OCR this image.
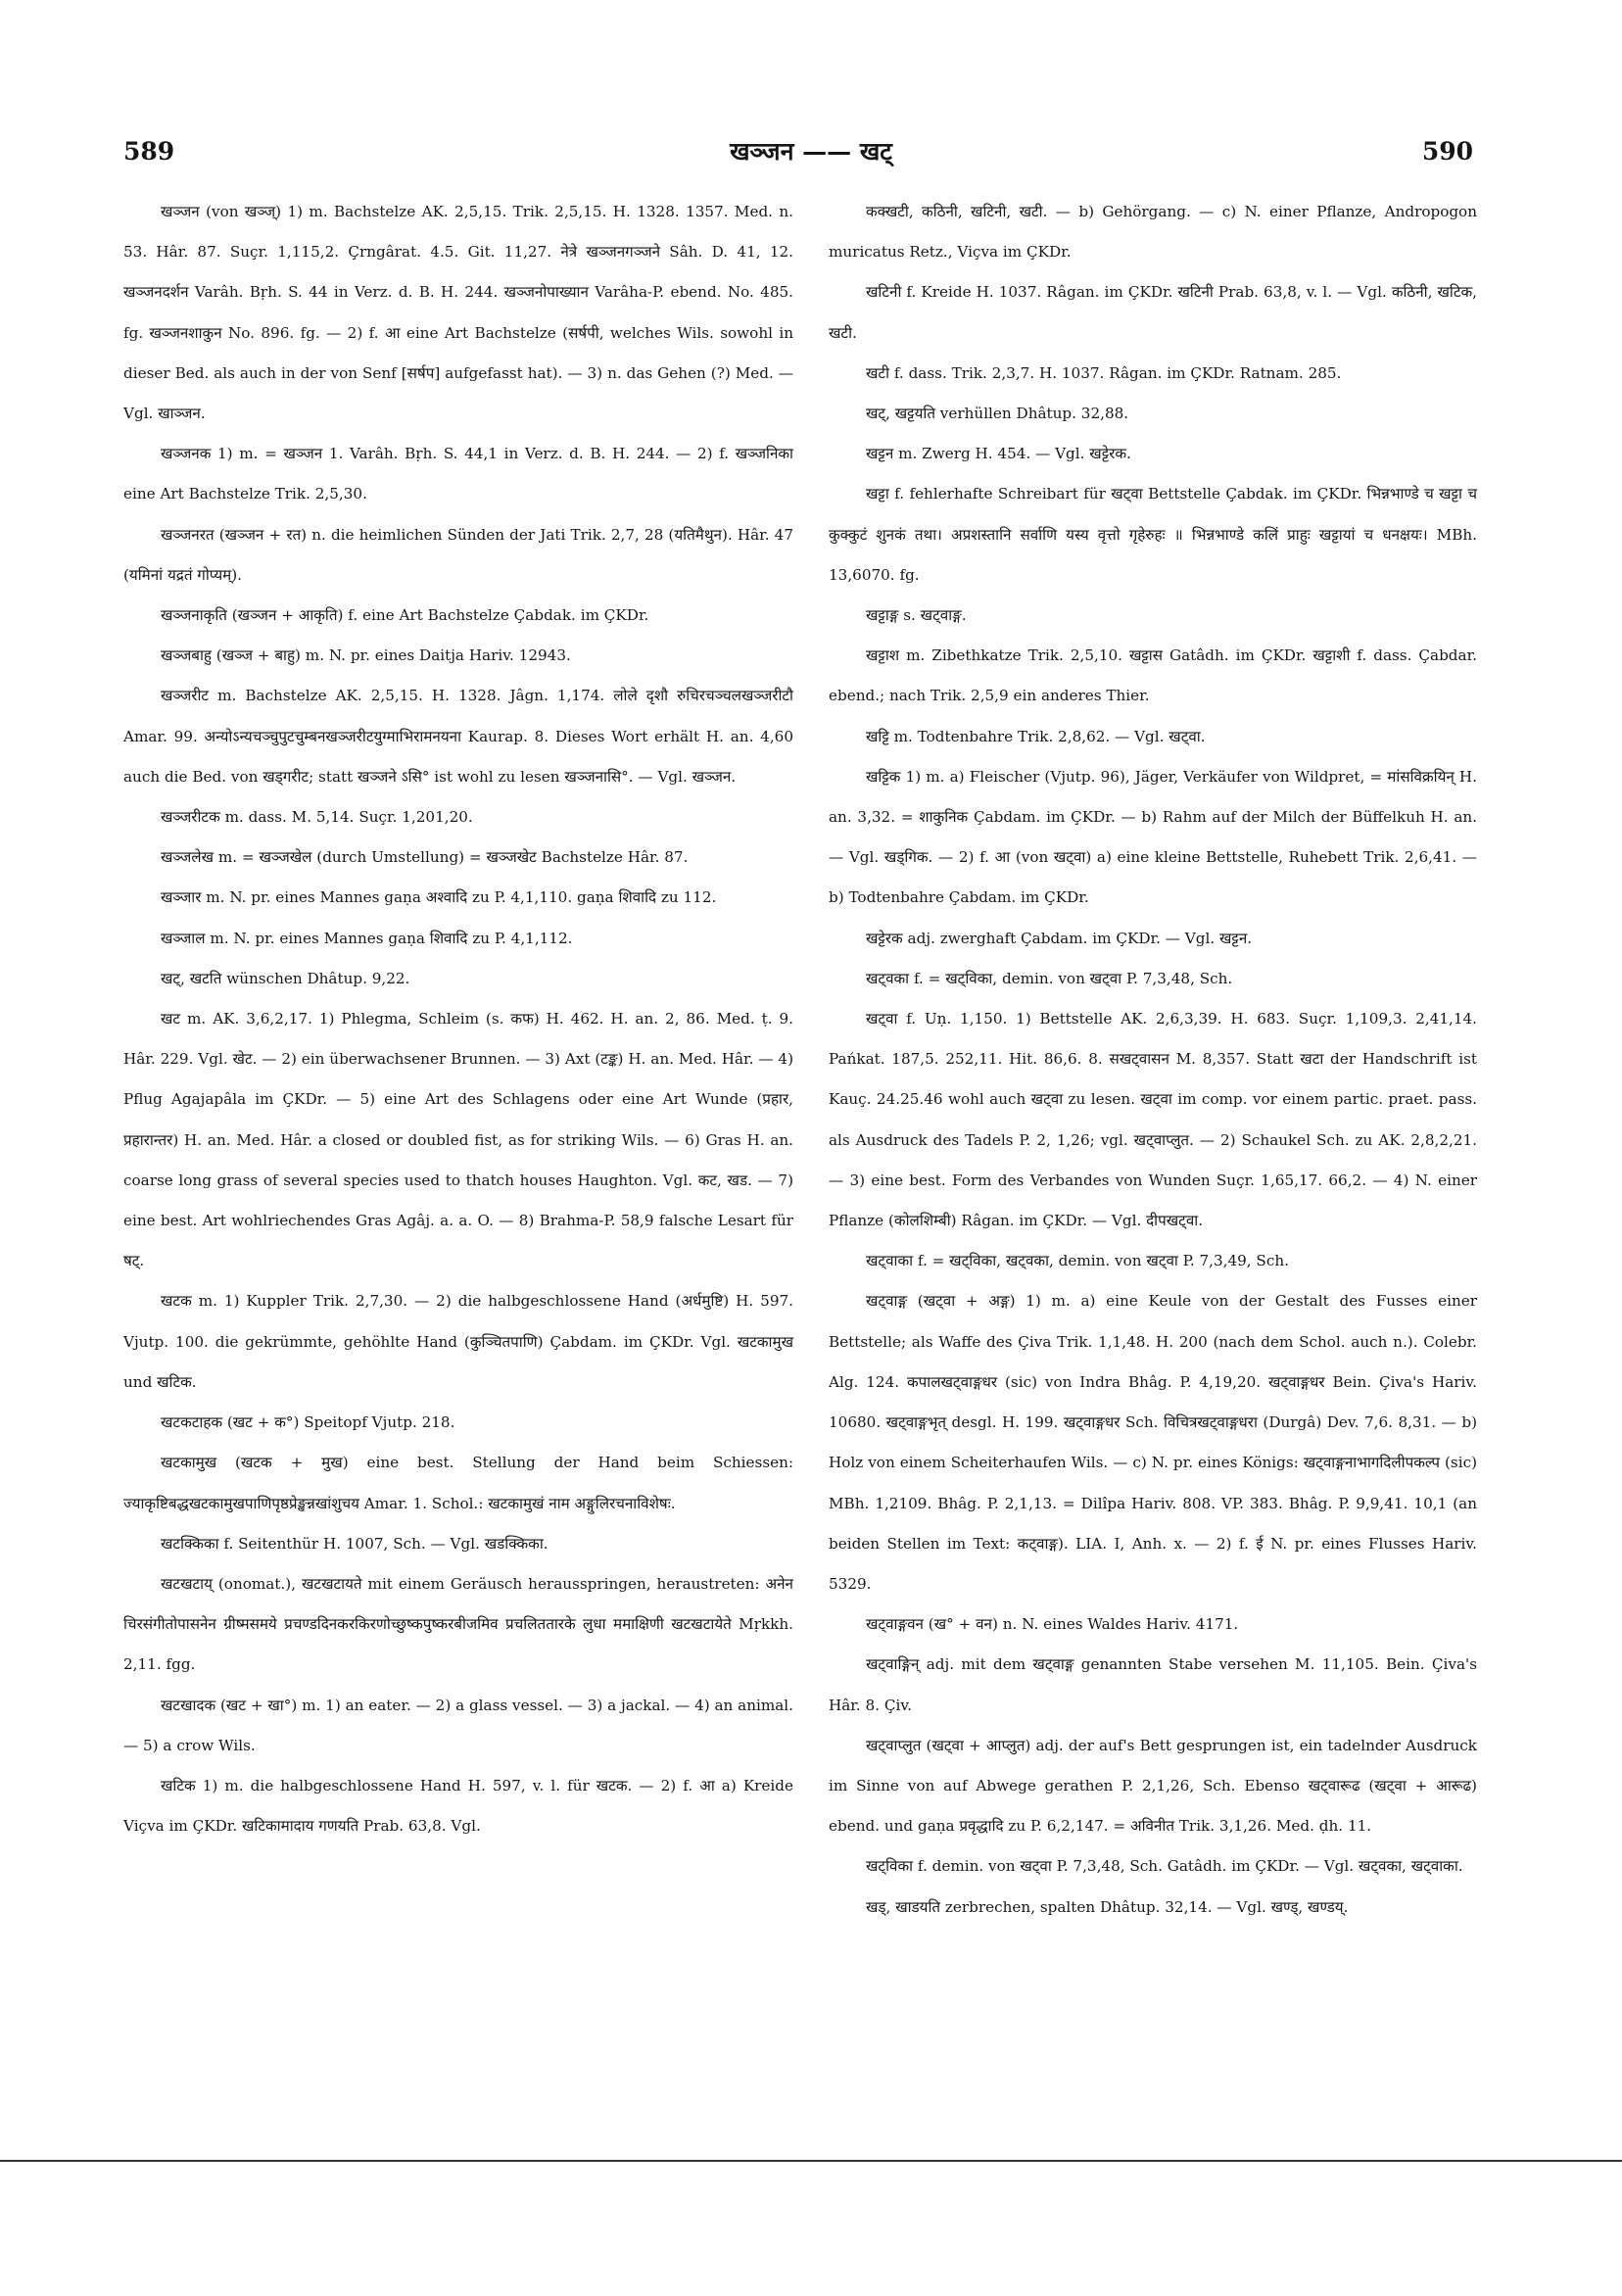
589	खञ्जन —— खट्	590

खञ्जन (von खञ्ज्) 1) m. Bachstelze AK. 2,5,15. Trik. 2,5,15. H. 1328. 1357. Med. n. 53. Hâr. 87. Suçr. 1,115,2. Çrngârat. 4.5. Git. 11,27. नेत्रे खञ्जनगञ्जने Sâh. D. 41, 12. खञ्जनदर्शन Varâh. Bṛh. S. 44 in Verz. d. B. H. 244. खञ्जनोपाख्यान Varâha-P. ebend. No. 485. fg. खञ्जनशाकुन No. 896. fg. — 2) f. आ eine Art Bachstelze (सर्षपी, welches Wils. sowohl in dieser Bed. als auch in der von Senf [सर्षप] aufgefasst hat). — 3) n. das Gehen (?) Med. — Vgl. खाञ्जन.

खञ्जनक 1) m. = खञ्जन 1. Varâh. Bṛh. S. 44,1 in Verz. d. B. H. 244. — 2) f. खञ्जनिका eine Art Bachstelze Trik. 2,5,30.

खञ्जनरत (खञ्जन + रत) n. die heimlichen Sünden der Jati Trik. 2,7, 28 (यतिमैथुन). Hâr. 47 (यमिनां यद्रतं गोप्यम्).

खञ्जनाकृति (खञ्जन + आकृति) f. eine Art Bachstelze Çabdak. im ÇKDr.

खञ्जबाहु (खञ्ज + बाहु) m. N. pr. eines Daitja Hariv. 12943.

खञ्जरीट m. Bachstelze AK. 2,5,15. H. 1328. Jâgn. 1,174. लोले दृशौ रुचिरचञ्चलखञ्जरीटौ Amar. 99. अन्योऽन्यचञ्चुपुटचुम्बनखञ्जरीटयुग्माभिरामनयना Kaurap. 8. Dieses Wort erhält H. an. 4,60 auch die Bed. von खड्गरीट; statt खञ्जने ऽसि° ist wohl zu lesen खञ्जनासि°. — Vgl. खञ्जन.

खञ्जरीटक m. dass. M. 5,14. Suçr. 1,201,20.

खञ्जलेख m. = खञ्जखेल (durch Umstellung) = खञ्जखेट Bachstelze Hâr. 87.

खञ्जार m. N. pr. eines Mannes gaṇa अश्वादि zu P. 4,1,110. gaṇa शिवादि zu 112.

खञ्जाल m. N. pr. eines Mannes gaṇa शिवादि zu P. 4,1,112.

खट्, खटति wünschen Dhâtup. 9,22.

खट m. AK. 3,6,2,17. 1) Phlegma, Schleim (s. कफ) H. 462. H. an. 2, 86. Med. ṭ. 9. Hâr. 229. Vgl. खेट. — 2) ein überwachsener Brunnen. — 3) Axt (टङ्क) H. an. Med. Hâr. — 4) Pflug Agajapâla im ÇKDr. — 5) eine Art des Schlagens oder eine Art Wunde (प्रहार, प्रहारान्तर) H. an. Med. Hâr. a closed or doubled fist, as for striking Wils. — 6) Gras H. an. coarse long grass of several species used to thatch houses Haughton. Vgl. कट, खड. — 7) eine best. Art wohlriechendes Gras Agâj. a. a. O. — 8) Brahma-P. 58,9 falsche Lesart für षट्.

खटक m. 1) Kuppler Trik. 2,7,30. — 2) die halbgeschlossene Hand (अर्धमुष्टि) H. 597. Vjutp. 100. die gekrümmte, gehöhlte Hand (कुञ्चितपाणि) Çabdam. im ÇKDr. Vgl. खटकामुख und खटिक.

खटकटाहक (खट + क°) Speitopf Vjutp. 218.

खटकामुख (खटक + मुख) eine best. Stellung der Hand beim Schiessen: ज्याकृष्टिबद्धखटकामुखपाणिपृष्ठप्रेङ्खन्नखांशुचय Amar. 1. Schol.: खटकामुखं नाम अङ्गुलिरचनाविशेषः.

खटक्किका f. Seitenthür H. 1007, Sch. — Vgl. खडक्किका.

खटखटाय् (onomat.), खटखटायते mit einem Geräusch herausspringen, heraustreten: अनेन चिरसंगीतोपासनेन ग्रीष्मसमये प्रचण्डदिनकरकिरणोच्छुष्कपुष्करबीजमिव प्रचलिततारके लुधा ममाक्षिणी खटखटायेते Mṛkkh. 2,11. fgg.

खटखादक (खट + खा°) m. 1) an eater. — 2) a glass vessel. — 3) a jackal. — 4) an animal. — 5) a crow Wils.

खटिक 1) m. die halbgeschlossene Hand H. 597, v. l. für खटक. — 2) f. आ a) Kreide Viçva im ÇKDr. खटिकामादाय गणयति Prab. 63,8. Vgl.

कक्खटी, कठिनी, खटिनी, खटी. — b) Gehörgang. — c) N. einer Pflanze, Andropogon muricatus Retz., Viçva im ÇKDr.

खटिनी f. Kreide H. 1037. Râgan. im ÇKDr. खटिनी Prab. 63,8, v. l. — Vgl. कठिनी, खटिक, खटी.

खटी f. dass. Trik. 2,3,7. H. 1037. Râgan. im ÇKDr. Ratnam. 285.

खट्, खट्टयति verhüllen Dhâtup. 32,88.

खट्टन m. Zwerg H. 454. — Vgl. खट्टेरक.

खट्टा f. fehlerhafte Schreibart für खट्वा Bettstelle Çabdak. im ÇKDr. भिन्नभाण्डे च खट्टा च कुक्कुटं शुनकं तथा। अप्रशस्तानि सर्वाणि यस्य वृत्तो गृहेरुहः ॥ भिन्नभाण्डे कलिं प्राहुः खट्टायां च धनक्षयः। MBh. 13,6070. fg.

खट्टाङ्ग s. खट्वाङ्ग.

खट्टाश m. Zibethkatze Trik. 2,5,10. खट्टास Gatâdh. im ÇKDr. खट्टाशी f. dass. Çabdar. ebend.; nach Trik. 2,5,9 ein anderes Thier.

खट्टि m. Todtenbahre Trik. 2,8,62. — Vgl. खट्वा.

खट्टिक 1) m. a) Fleischer (Vjutp. 96), Jäger, Verkäufer von Wildpret, = मांसविक्रयिन् H. an. 3,32. = शाकुनिक Çabdam. im ÇKDr. — b) Rahm auf der Milch der Büffelkuh H. an. — Vgl. खड्गिक. — 2) f. आ (von खट्वा) a) eine kleine Bettstelle, Ruhebett Trik. 2,6,41. — b) Todtenbahre Çabdam. im ÇKDr.

खट्टेरक adj. zwerghaft Çabdam. im ÇKDr. — Vgl. खट्टन.

खट्वका f. = खट्विका, demin. von खट्वा P. 7,3,48, Sch.

खट्वा f. Uṇ. 1,150. 1) Bettstelle AK. 2,6,3,39. H. 683. Suçr. 1,109,3. 2,41,14. Pańkat. 187,5. 252,11. Hit. 86,6. 8. सखट्वासन M. 8,357. Statt खटा der Handschrift ist Kauç. 24.25.46 wohl auch खट्वा zu lesen. खट्वा im comp. vor einem partic. praet. pass. als Ausdruck des Tadels P. 2, 1,26; vgl. खट्वाप्लुत. — 2) Schaukel Sch. zu AK. 2,8,2,21. — 3) eine best. Form des Verbandes von Wunden Suçr. 1,65,17. 66,2. — 4) N. einer Pflanze (कोलशिम्बी) Râgan. im ÇKDr. — Vgl. दीपखट्वा.

खट्वाका f. = खट्विका, खट्वका, demin. von खट्वा P. 7,3,49, Sch.

खट्वाङ्ग (खट्वा + अङ्ग) 1) m. a) eine Keule von der Gestalt des Fusses einer Bettstelle; als Waffe des Çiva Trik. 1,1,48. H. 200 (nach dem Schol. auch n.). Colebr. Alg. 124. कपालखट्वाङ्गधर (sic) von Indra Bhâg. P. 4,19,20. खट्वाङ्गधर Bein. Çiva's Hariv. 10680. खट्वाङ्गभृत् desgl. H. 199. खट्वाङ्गधर Sch. विचित्रखट्वाङ्गधरा (Durgâ) Dev. 7,6. 8,31. — b) Holz von einem Scheiterhaufen Wils. — c) N. pr. eines Königs: खट्वाङ्गनाभागदिलीपकल्प (sic) MBh. 1,2109. Bhâg. P. 2,1,13. = Dilîpa Hariv. 808. VP. 383. Bhâg. P. 9,9,41. 10,1 (an beiden Stellen im Text: कट्वाङ्ग). LIA. I, Anh. x. — 2) f. ई N. pr. eines Flusses Hariv. 5329.

खट्वाङ्गवन (ख° + वन) n. N. eines Waldes Hariv. 4171.

खट्वाङ्गिन् adj. mit dem खट्वाङ्ग genannten Stabe versehen M. 11,105. Bein. Çiva's Hâr. 8. Çiv.

खट्वाप्लुत (खट्वा + आप्लुत) adj. der auf's Bett gesprungen ist, ein tadelnder Ausdruck im Sinne von auf Abwege gerathen P. 2,1,26, Sch. Ebenso खट्वारूढ (खट्वा + आरूढ) ebend. und gaṇa प्रवृद्धादि zu P. 6,2,147. = अविनीत Trik. 3,1,26. Med. ḍh. 11.

खट्विका f. demin. von खट्वा P. 7,3,48, Sch. Gatâdh. im ÇKDr. — Vgl. खट्वका, खट्वाका.

खड्, खाडयति zerbrechen, spalten Dhâtup. 32,14. — Vgl. खण्ड्, खण्डय्.
